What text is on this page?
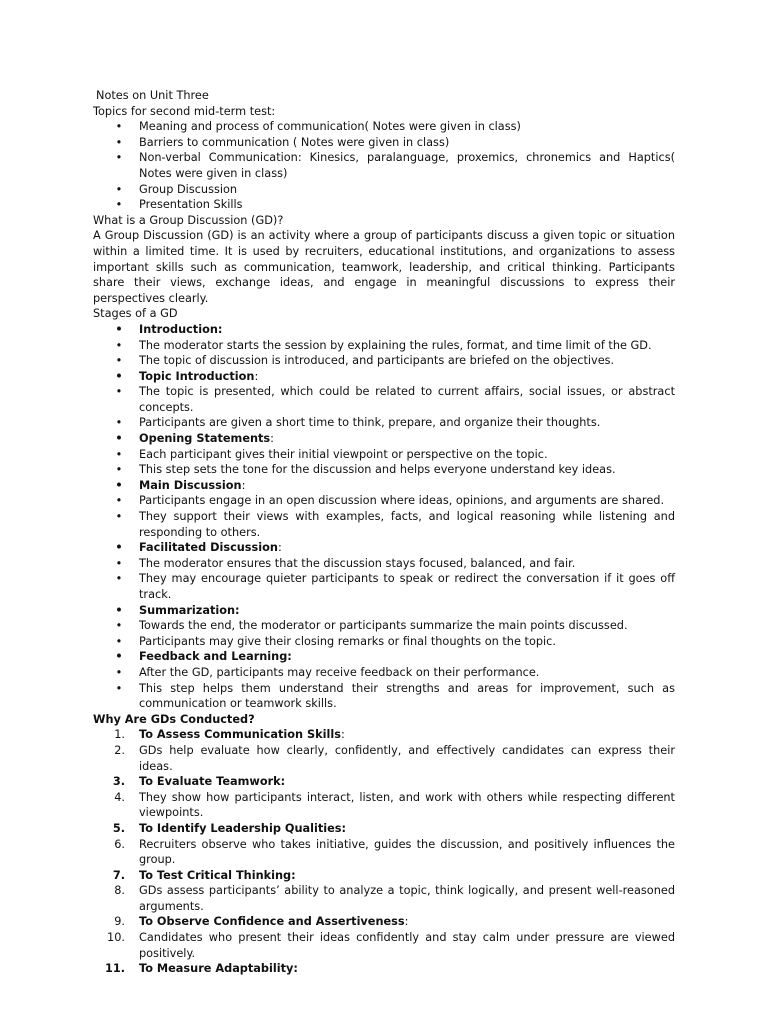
Notes on Unit Three

Topics for second mid-term test:

• Meaning and process of communication( Notes were given in class)
• Barriers to communication ( Notes were given in class)
• Non-verbal Communication: Kinesics, paralanguage, proxemics, chronemics and Haptics( Notes were given in class)
• Group Discussion
• Presentation Skills

What is a Group Discussion (GD)?

A Group Discussion (GD) is an activity where a group of participants discuss a given topic or situation within a limited time. It is used by recruiters, educational institutions, and organizations to assess important skills such as communication, teamwork, leadership, and critical thinking. Participants share their views, exchange ideas, and engage in meaningful discussions to express their perspectives clearly.

Stages of a GD

• Introduction:
• The moderator starts the session by explaining the rules, format, and time limit of the GD.
• The topic of discussion is introduced, and participants are briefed on the objectives.
• Topic Introduction:
• The topic is presented, which could be related to current affairs, social issues, or abstract concepts.
• Participants are given a short time to think, prepare, and organize their thoughts.
• Opening Statements:
• Each participant gives their initial viewpoint or perspective on the topic.
• This step sets the tone for the discussion and helps everyone understand key ideas.
• Main Discussion:
• Participants engage in an open discussion where ideas, opinions, and arguments are shared.
• They support their views with examples, facts, and logical reasoning while listening and responding to others.
• Facilitated Discussion:
• The moderator ensures that the discussion stays focused, balanced, and fair.
• They may encourage quieter participants to speak or redirect the conversation if it goes off track.
• Summarization:
• Towards the end, the moderator or participants summarize the main points discussed.
• Participants may give their closing remarks or final thoughts on the topic.
• Feedback and Learning:
• After the GD, participants may receive feedback on their performance.
• This step helps them understand their strengths and areas for improvement, such as communication or teamwork skills.

Why Are GDs Conducted?

1. To Assess Communication Skills:
2. GDs help evaluate how clearly, confidently, and effectively candidates can express their ideas.
3. To Evaluate Teamwork:
4. They show how participants interact, listen, and work with others while respecting different viewpoints.
5. To Identify Leadership Qualities:
6. Recruiters observe who takes initiative, guides the discussion, and positively influences the group.
7. To Test Critical Thinking:
8. GDs assess participants’ ability to analyze a topic, think logically, and present well-reasoned arguments.
9. To Observe Confidence and Assertiveness:
10. Candidates who present their ideas confidently and stay calm under pressure are viewed positively.
11. To Measure Adaptability:
